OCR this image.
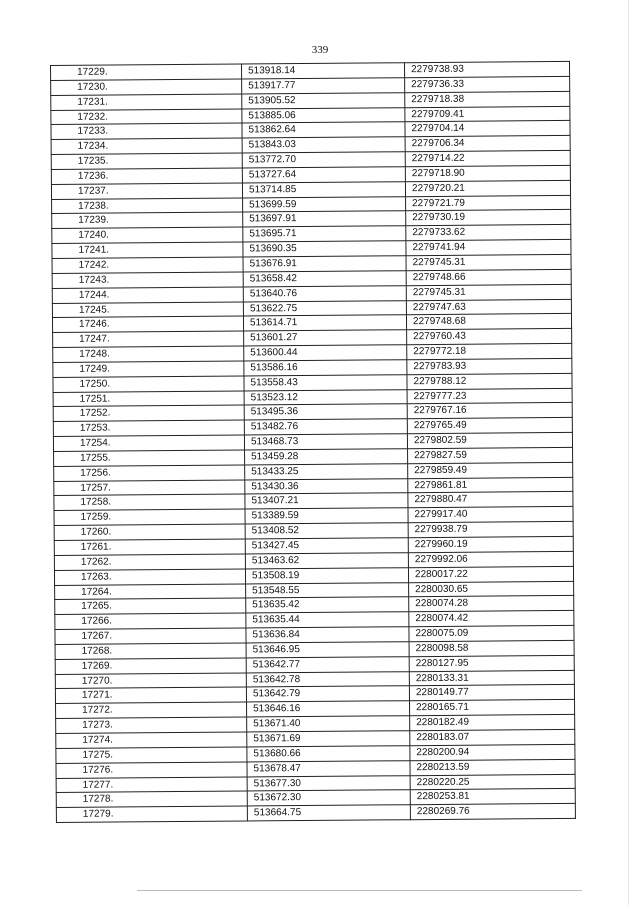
339
17229.	513918.14	2279738.93
17230.	513917.77	2279736.33
17231.	513905.52	2279718.38
17232.	513885.06	2279709.41
17233.	513862.64	2279704.14
17234.	513843.03	2279706.34
17235.	513772.70	2279714.22
17236.	513727.64	2279718.90
17237.	513714.85	2279720.21
17238.	513699.59	2279721.79
17239.	513697.91	2279730.19
17240.	513695.71	2279733.62
17241.	513690.35	2279741.94
17242.	513676.91	2279745.31
17243.	513658.42	2279748.66
17244.	513640.76	2279745.31
17245.	513622.75	2279747.63
17246.	513614.71	2279748.68
17247.	513601.27	2279760.43
17248.	513600.44	2279772.18
17249.	513586.16	2279783.93
17250.	513558.43	2279788.12
17251.	513523.12	2279777.23
17252.	513495.36	2279767.16
17253.	513482.76	2279765.49
17254.	513468.73	2279802.59
17255.	513459.28	2279827.59
17256.	513433.25	2279859.49
17257.	513430.36	2279861.81
17258.	513407.21	2279880.47
17259.	513389.59	2279917.40
17260.	513408.52	2279938.79
17261.	513427.45	2279960.19
17262.	513463.62	2279992.06
17263.	513508.19	2280017.22
17264.	513548.55	2280030.65
17265.	513635.42	2280074.28
17266.	513635.44	2280074.42
17267.	513636.84	2280075.09
17268.	513646.95	2280098.58
17269.	513642.77	2280127.95
17270.	513642.78	2280133.31
17271.	513642.79	2280149.77
17272.	513646.16	2280165.71
17273.	513671.40	2280182.49
17274.	513671.69	2280183.07
17275.	513680.66	2280200.94
17276.	513678.47	2280213.59
17277.	513677.30	2280220.25
17278.	513672.30	2280253.81
17279.	513664.75	2280269.76
